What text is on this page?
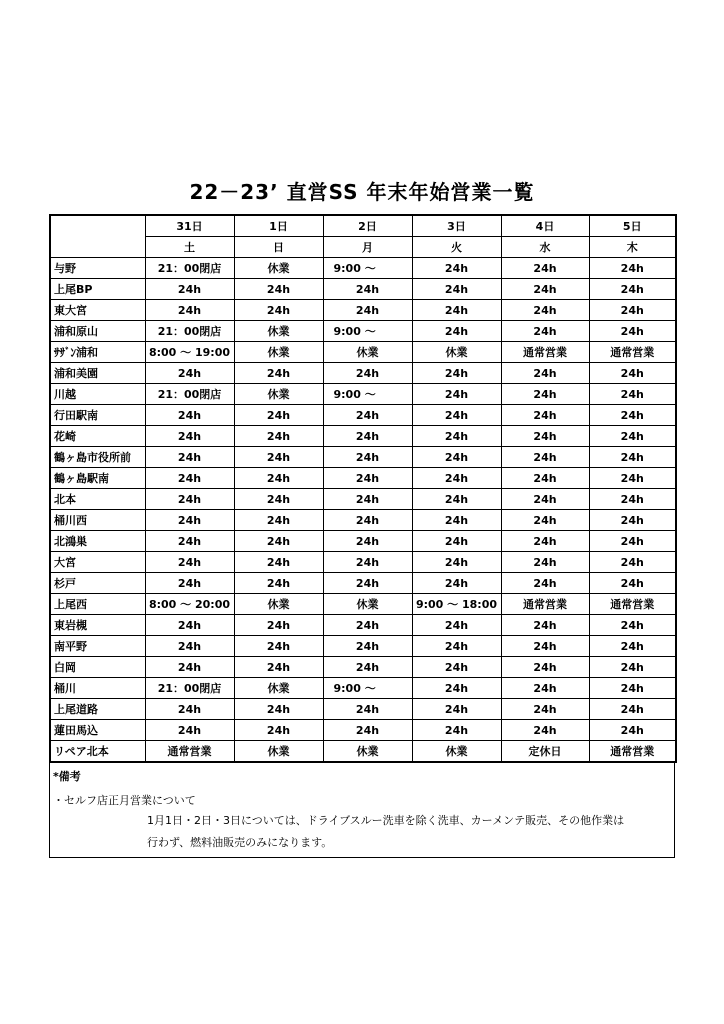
22－23’ 直営SS 年末年始営業一覧
	31日	1日	2日	3日	4日	5日
	土	日	月	火	水	木
与野	21：00閉店	休業	9:00 ～	24h	24h	24h
上尾BP	24h	24h	24h	24h	24h	24h
東大宮	24h	24h	24h	24h	24h	24h
浦和原山	21：00閉店	休業	9:00 ～	24h	24h	24h
ｻｻﾞﾝ浦和	8:00 ～ 19:00	休業	休業	休業	通常営業	通常営業
浦和美園	24h	24h	24h	24h	24h	24h
川越	21：00閉店	休業	9:00 ～	24h	24h	24h
行田駅南	24h	24h	24h	24h	24h	24h
花崎	24h	24h	24h	24h	24h	24h
鶴ヶ島市役所前	24h	24h	24h	24h	24h	24h
鶴ヶ島駅南	24h	24h	24h	24h	24h	24h
北本	24h	24h	24h	24h	24h	24h
桶川西	24h	24h	24h	24h	24h	24h
北鴻巣	24h	24h	24h	24h	24h	24h
大宮	24h	24h	24h	24h	24h	24h
杉戸	24h	24h	24h	24h	24h	24h
上尾西	8:00 ～ 20:00	休業	休業	9:00 ～ 18:00	通常営業	通常営業
東岩槻	24h	24h	24h	24h	24h	24h
南平野	24h	24h	24h	24h	24h	24h
白岡	24h	24h	24h	24h	24h	24h
桶川	21：00閉店	休業	9:00 ～	24h	24h	24h
上尾道路	24h	24h	24h	24h	24h	24h
蓮田馬込	24h	24h	24h	24h	24h	24h
リペア北本	通常営業	休業	休業	休業	定休日	通常営業
*備考
・セルフ店正月営業について
1月1日・2日・3日については、ドライブスルー洗車を除く洗車、カーメンテ販売、その他作業は
行わず、燃料油販売のみになります。
